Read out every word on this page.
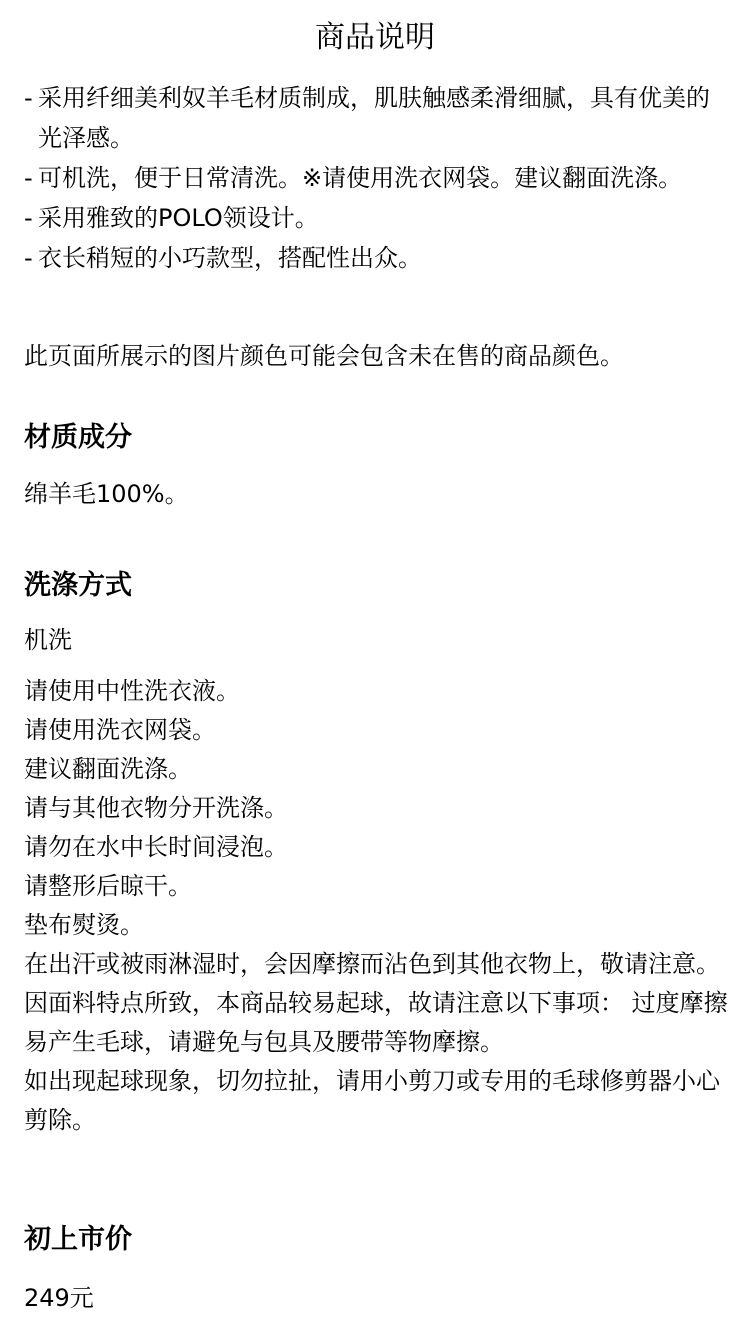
商品说明
- 采用纤细美利奴羊毛材质制成，肌肤触感柔滑细腻，具有优美的光泽感。
- 可机洗，便于日常清洗。※请使用洗衣网袋。建议翻面洗涤。
- 采用雅致的POLO领设计。
- 衣长稍短的小巧款型，搭配性出众。

此页面所展示的图片颜色可能会包含未在售的商品颜色。

材质成分

绵羊毛100%。

洗涤方式

机洗

请使用中性洗衣液。
请使用洗衣网袋。
建议翻面洗涤。
请与其他衣物分开洗涤。
请勿在水中长时间浸泡。
请整形后晾干。
垫布熨烫。
在出汗或被雨淋湿时，会因摩擦而沾色到其他衣物上，敬请注意。
因面料特点所致，本商品较易起球，故请注意以下事项： 过度摩擦易产生毛球，请避免与包具及腰带等物摩擦。
如出现起球现象，切勿拉扯，请用小剪刀或专用的毛球修剪器小心剪除。
初上市价

249元
